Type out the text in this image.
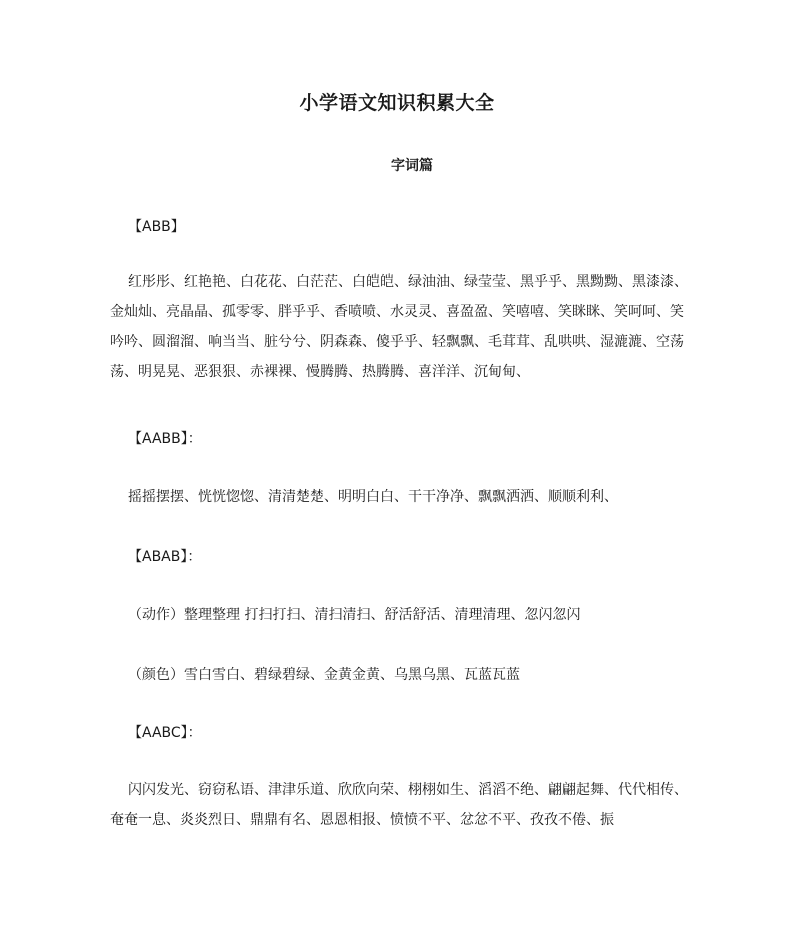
小学语文知识积累大全
字词篇
【ABB】
红彤彤、红艳艳、白花花、白茫茫、白皑皑、绿油油、绿莹莹、黑乎乎、黑黝黝、黑漆漆、金灿灿、亮晶晶、孤零零、胖乎乎、香喷喷、水灵灵、喜盈盈、笑嘻嘻、笑眯眯、笑呵呵、笑吟吟、圆溜溜、响当当、脏兮兮、阴森森、傻乎乎、轻飘飘、毛茸茸、乱哄哄、湿漉漉、空荡荡、明晃晃、恶狠狠、赤裸裸、慢腾腾、热腾腾、喜洋洋、沉甸甸、
【AABB】：
摇摇摆摆、恍恍惚惚、清清楚楚、明明白白、干干净净、飘飘洒洒、顺顺利利、
【ABAB】：
（动作）整理整理 打扫打扫、清扫清扫、舒活舒活、清理清理、忽闪忽闪
（颜色）雪白雪白、碧绿碧绿、金黄金黄、乌黑乌黑、瓦蓝瓦蓝
【AABC】：
闪闪发光、窃窃私语、津津乐道、欣欣向荣、栩栩如生、滔滔不绝、翩翩起舞、代代相传、奄奄一息、炎炎烈日、鼎鼎有名、恩恩相报、愤愤不平、忿忿不平、孜孜不倦、振
